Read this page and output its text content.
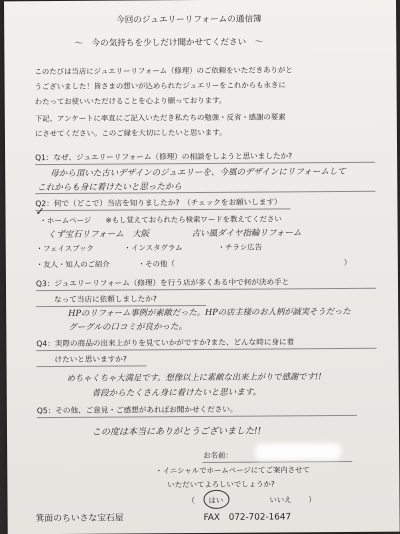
今回のジュエリーリフォームの通信簿
～　今の気持ちを少しだけ聞かせてください　～
このたびは当店にジュエリーリフォーム（修理）のご依頼をいただきありがと
うございました！皆さまの想いが込められたジュエリーをこれからも永きに
わたってお使いいただけることを心より願っております。
下記、アンケートに率直にご記入いただき私たちの勉強・反省・感謝の要素
にさせてください。このご縁を大切にしたいと思います。
Q1：なぜ、ジュエリーリフォーム（修理）の相談をしようと思いましたか?
母から頂いた古いデザインのジュエリーを、今風のデザインにリフォームして
これからも身に着けたいと思ったから
Q2：何で（どこで）当店を知りましたか?　（チェックをお願いします）
✓
・ホームページ ※もし覚えておられたら検索ワードを教えてください
くず宝石リフォーム　大阪	古い風ダイヤ指輪リフォーム
・フェイスブック	・インスタグラム	・チラシ広告
・友人・知人のご紹介	・その他（	）
Q3：ジュエリーリフォーム（修理）を行う店が多くある中で何が決め手と
なって当店に依頼しましたか?
HPのリフォーム事例が素敵だった。HPの店主様のお人柄が誠実そうだった
グーグルの口コミが良かった。
Q4：実際の商品の出来上がりを見ていかがですか?また、どんな時に身に着
けたいと思いますか?
めちゃくちゃ大満足です。想像以上に素敵な出来上がりで感謝です!!
普段からたくさん身に着けたいと思います。
Q5：その他、ご意見・ご感想があればお聞かせください。
この度は本当にありがとうございました!!
お名前：
・イニシャルでホームページにてご案内させて
いただいてよろしいでしょうか?
（ はい	いいえ ）
箕面のちいさな宝石屋	FAX　072-702-1647
